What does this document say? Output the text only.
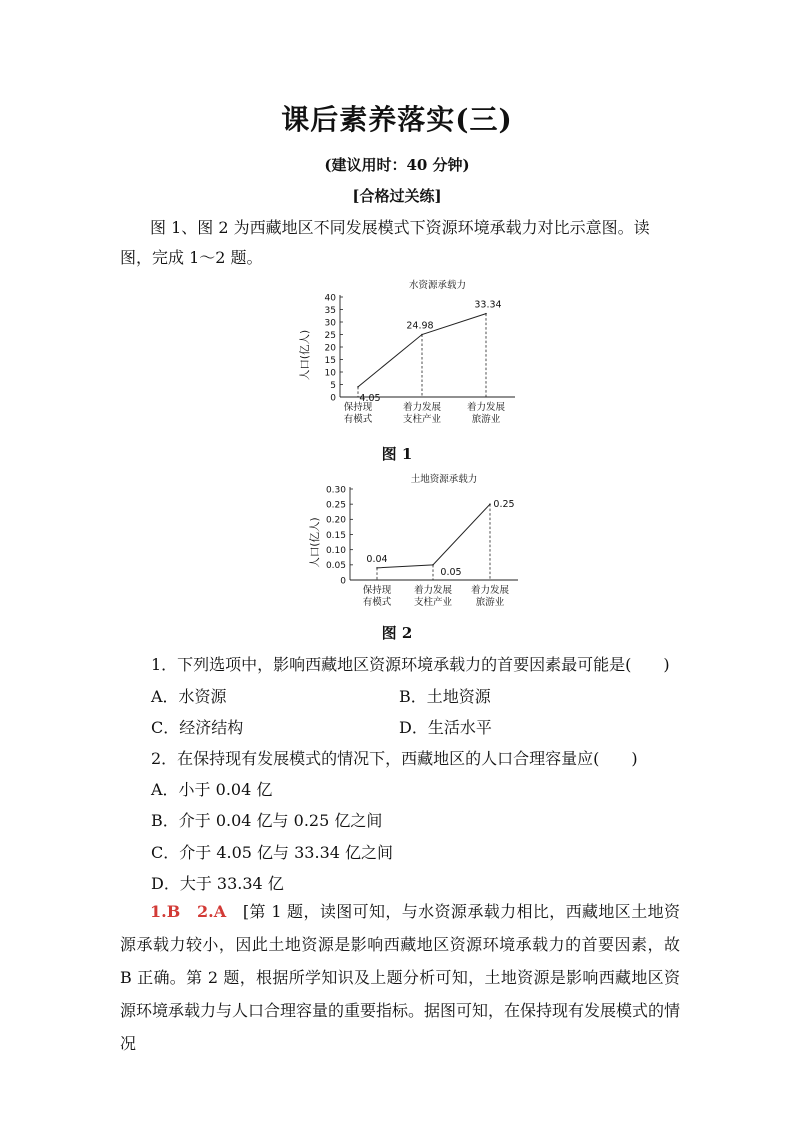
课后素养落实(三)
(建议用时：40 分钟)
[合格过关练]
图 1、图 2 为西藏地区不同发展模式下资源环境承载力对比示意图。读图，完成 1～2 题。
水资源承载力
0
5
10
15
20
25
30
35
40
人口(亿人)
保持现
有模式
着力发展
支柱产业
着力发展
旅游业
4.05
24.98
33.34
图 1
土地资源承载力
0
0.05
0.10
0.15
0.20
0.25
0.30
人口(亿人)
保持现
有模式
着力发展
支柱产业
着力发展
旅游业
0.04
0.05
0.25
图 2
1．下列选项中，影响西藏地区资源环境承载力的首要因素最可能是(　　)
A．水资源	B．土地资源
C．经济结构	D．生活水平
2．在保持现有发展模式的情况下，西藏地区的人口合理容量应(　　)
A．小于 0.04 亿
B．介于 0.04 亿与 0.25 亿之间
C．介于 4.05 亿与 33.34 亿之间
D．大于 33.34 亿
1.B　2.A　 [第 1 题，读图可知，与水资源承载力相比，西藏地区土地资源承载力较小，因此土地资源是影响西藏地区资源环境承载力的首要因素，故 B 正确。第 2 题，根据所学知识及上题分析可知，土地资源是影响西藏地区资源环境承载力与人口合理容量的重要指标。据图可知，在保持现有发展模式的情况
